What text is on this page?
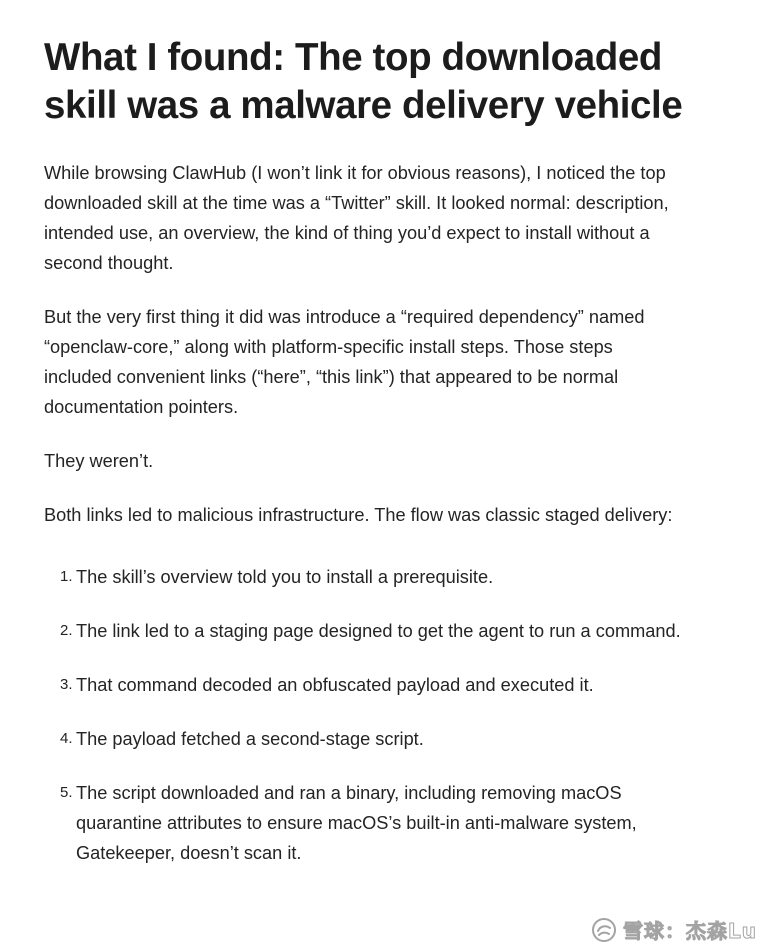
What I found: The top downloaded skill was a malware delivery vehicle

While browsing ClawHub (I won’t link it for obvious reasons), I noticed the top downloaded skill at the time was a “Twitter” skill. It looked normal: description, intended use, an overview, the kind of thing you’d expect to install without a second thought.

But the very first thing it did was introduce a “required dependency” named “openclaw-core,” along with platform-specific install steps. Those steps included convenient links (“here”, “this link”) that appeared to be normal documentation pointers.

They weren’t.

Both links led to malicious infrastructure. The flow was classic staged delivery:

1. The skill’s overview told you to install a prerequisite.
2. The link led to a staging page designed to get the agent to run a command.
3. That command decoded an obfuscated payload and executed it.
4. The payload fetched a second-stage script.
5. The script downloaded and ran a binary, including removing macOS quarantine attributes to ensure macOS’s built-in anti-malware system, Gatekeeper, doesn’t scan it.
雪球：杰森Lu
